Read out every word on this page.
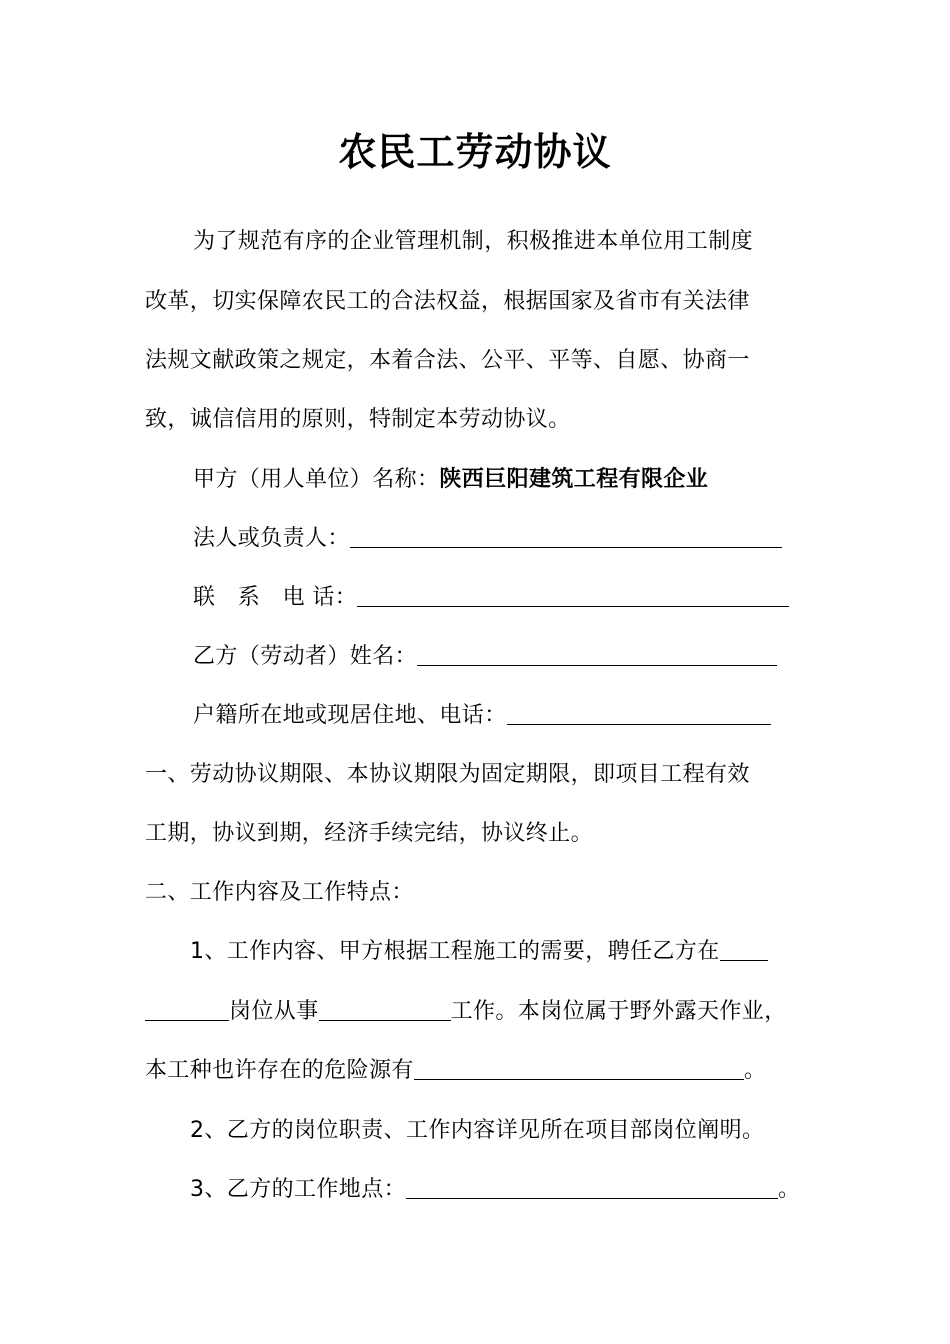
农民工劳动协议
为了规范有序的企业管理机制，积极推进本单位用工制度
改革，切实保障农民工的合法权益，根据国家及省市有关法律
法规文献政策之规定，本着合法、公平、平等、自愿、协商一
致，诚信信用的原则，特制定本劳动协议。
甲方（用人单位）名称：陕西巨阳建筑工程有限企业
法人或负责人：
联　系　电 话：
乙方（劳动者）姓名：
户籍所在地或现居住地、电话：
一、劳动协议期限、本协议期限为固定期限，即项目工程有效
工期，协议到期，经济手续完结，协议终止。
二、工作内容及工作特点：
1、工作内容、甲方根据工程施工的需要，聘任乙方在
岗位从事	工作。本岗位属于野外露天作业，
本工种也许存在的危险源有	。
2、乙方的岗位职责、工作内容详见所在项目部岗位阐明。
3、乙方的工作地点：	。
